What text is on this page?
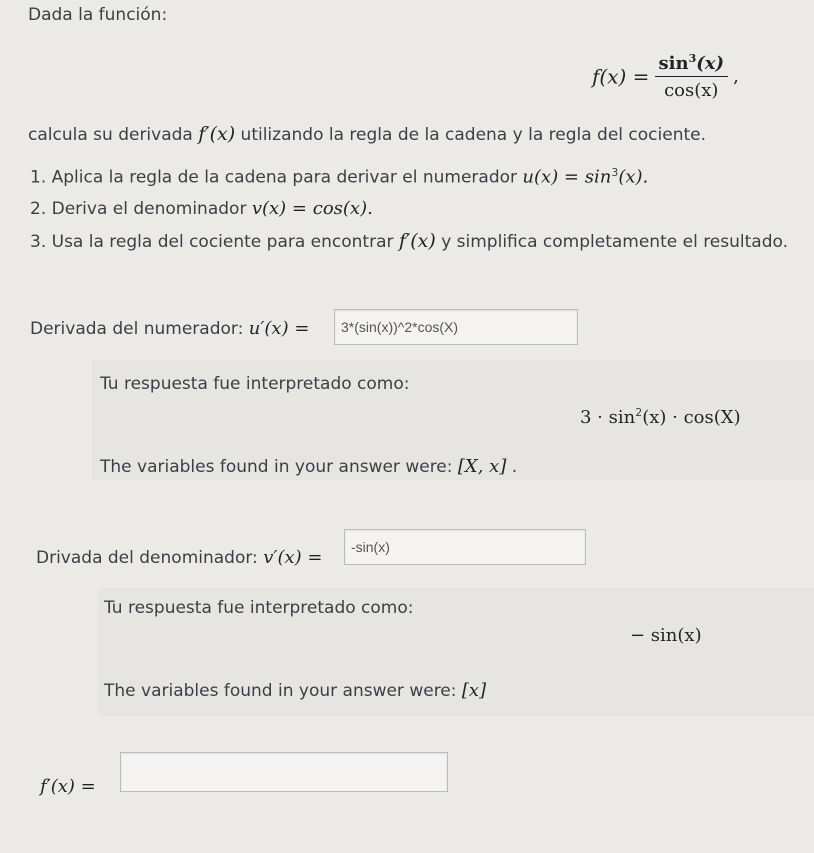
Dada la función:
$f(x) = \frac{\sin^3(x)}{\cos(x)}$ ,
calcula su derivada f′(x) utilizando la regla de la cadena y la regla del cociente.
1. Aplica la regla de la cadena para derivar el numerador $u(x) = \sin^3(x)$.
2. Deriva el denominador v(x) = cos(x).
3. Usa la regla del cociente para encontrar f′(x) y simplifica completamente el resultado.
Derivada del numerador: u′(x) =	3*(sin(x))^2*cos(X)
Tu respuesta fue interpretado como:
$3 \cdot \sin^2(x) \cdot \cos(X)$
The variables found in your answer were: [X, x] .
Drivada del denominador: v′(x) =	-sin(x)
Tu respuesta fue interpretado como:
− sin(x)
The variables found in your answer were: [x]
f′(x) =
